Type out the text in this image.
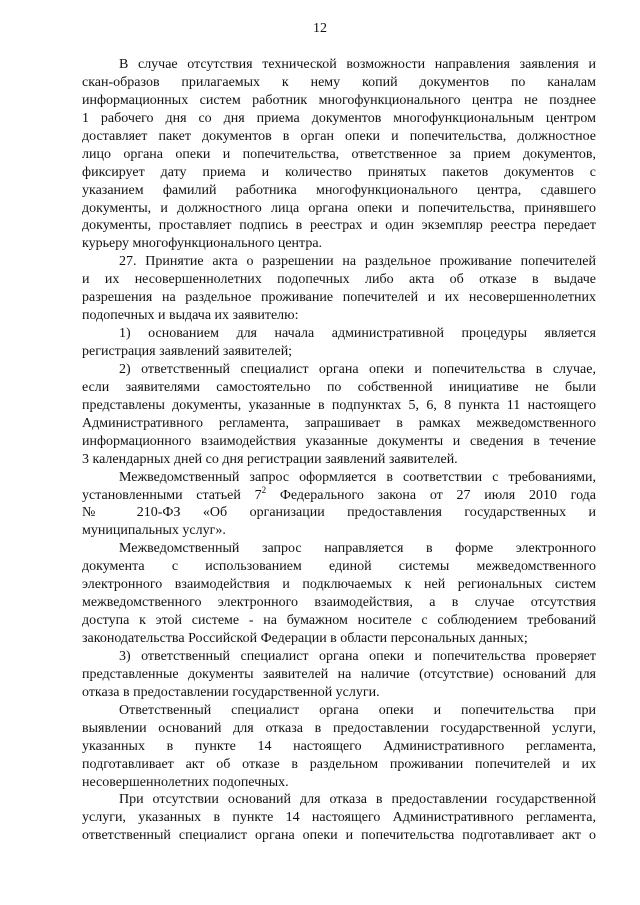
12
В случае отсутствия технической возможности направления заявления и
скан-образов прилагаемых к нему копий документов по каналам
информационных систем работник многофункционального центра не позднее
1 рабочего дня со дня приема документов многофункциональным центром
доставляет пакет документов в орган опеки и попечительства, должностное
лицо органа опеки и попечительства, ответственное за прием документов,
фиксирует дату приема и количество принятых пакетов документов с
указанием фамилий работника многофункционального центра, сдавшего
документы, и должностного лица органа опеки и попечительства, принявшего
документы, проставляет подпись в реестрах и один экземпляр реестра передает
курьеру многофункционального центра.
27. Принятие акта о разрешении на раздельное проживание попечителей
и их несовершеннолетних подопечных либо акта об отказе в выдаче
разрешения на раздельное проживание попечителей и их несовершеннолетних
подопечных и выдача их заявителю:
1) основанием для начала административной процедуры является
регистрация заявлений заявителей;
2) ответственный специалист органа опеки и попечительства в случае,
если заявителями самостоятельно по собственной инициативе не были
представлены документы, указанные в подпунктах 5, 6, 8 пункта 11 настоящего
Административного регламента, запрашивает в рамках межведомственного
информационного взаимодействия указанные документы и сведения в течение
3 календарных дней со дня регистрации заявлений заявителей.
Межведомственный запрос оформляется в соответствии с требованиями,
установленными статьей $7^2$ Федерального закона от 27 июля 2010 года
№ 210-ФЗ «Об организации предоставления государственных и
муниципальных услуг».
Межведомственный запрос направляется в форме электронного
документа с использованием единой системы межведомственного
электронного взаимодействия и подключаемых к ней региональных систем
межведомственного электронного взаимодействия, а в случае отсутствия
доступа к этой системе - на бумажном носителе с соблюдением требований
законодательства Российской Федерации в области персональных данных;
3) ответственный специалист органа опеки и попечительства проверяет
представленные документы заявителей на наличие (отсутствие) оснований для
отказа в предоставлении государственной услуги.
Ответственный специалист органа опеки и попечительства при
выявлении оснований для отказа в предоставлении государственной услуги,
указанных в пункте 14 настоящего Административного регламента,
подготавливает акт об отказе в раздельном проживании попечителей и их
несовершеннолетних подопечных.
При отсутствии оснований для отказа в предоставлении государственной
услуги, указанных в пункте 14 настоящего Административного регламента,
ответственный специалист органа опеки и попечительства подготавливает акт о
